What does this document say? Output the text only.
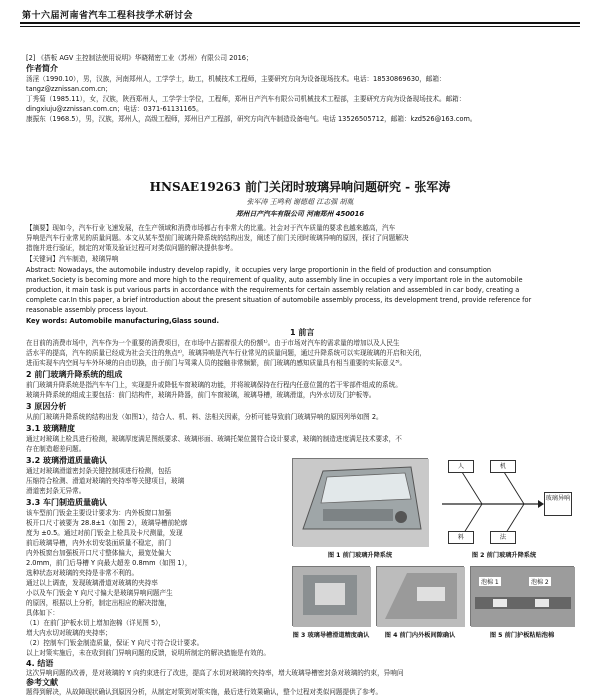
第十六届河南省汽车工程科技学术研讨会
[2] 《搭板 AGV 主控制法使用说明》华晓精密工业（苏州）有限公司 2016；
作者简介
汤淫（1990.10），男，汉族，河南郑州人，工学学士，助工，机械技术工程师，主要研究方向为设备现场技术。电话：18530869630，邮箱：
tangz@zznissan.com.cn；
丁秀菊（1985.11），女，汉族，陕西郑州人，工学学士学位，工程师，郑州日产汽车有限公司机械技术工程部，主要研究方向为设备现场技术。邮箱：
dingxiuju@zznissan.com.cn；电话：0371-61131165。
康振东（1968.5），男，汉族，郑州人，高级工程师，郑州日产工程部，研究方向汽车制造设备电气。电话 13526505712，邮箱：kzd526@163.com。
HNSAE19263 前门关闭时玻璃异响问题研究 - 张军涛
张军涛 王鸣利 谢德超 江志强 胡胤
郑州日产汽车有限公司 河南郑州 450016
【摘要】现如今，汽车行业飞速发展，在生产领域和消费市场都占有非常大的比重。社会对于汽车质量的要求也越来越高，汽车
异响是汽车行业常见的质量问题。本文从某车型前门玻璃升降系统的结构出发，阐述了前门关闭时玻璃异响的原因，探讨了问题解决
措施并进行验证，制定的对策及验证过程可对类似问题的解决提供参考。
【关键词】汽车制造，玻璃异响
Abstract: Nowadays, the automobile industry develop rapidly，it occupies very large proportionin in the field of production and consumption
market.Society is becoming more and more high to the requirement of quality, auto assembly line in occupies a very important role in the automobile
production, it main task is put various parts in accordance with the requirements for certain assembly relation and assembled in car body, creating a
complete car.In this paper, a brief introduction about the present situation of automobile assembly process, its development trend, provide reference for
reasonable assembly process layout.
Key words: Automobile manufacturing,Glass sound.
1 前言
在目前的消费市场中，汽车作为一个重要的消费项目，在市场中占据着很大的份额¹⁾。由于市场对汽车的需求量的增加以及人民生
活水平的提高，汽车的质量已经成为社会关注的焦点²⁾，玻璃异响是汽车行业常见的质量问题，通过升降系统可以实现玻璃的开启和关闭，
进而实现车内空间与车外环境的自由切换，由于前门与驾乘人员的接触非常频繁，前门玻璃的感知质量具有相当重要的实际意义³⁾。
2 前门玻璃升降系统的组成
前门玻璃升降系统是指汽车车门上，实现提升或降低车窗玻璃的功能，并将玻璃保持在行程内任意位置的若干零部件组成的系统。
玻璃升降系统的组成主要包括：前门结构件，玻璃升降器，前门车窗玻璃，玻璃导槽，玻璃滑道，内外水切及门护板等。
3 原因分析
从前门玻璃升降系统的结构出发（如图1），结合人、机、料、法相关因素，分析可能导致前门玻璃异响的原因列举如图 2。
3.1 玻璃精度
通过对玻璃上检具进行检测，玻璃厚度满足图纸要求、玻璃形面、玻璃托架位置符合设计要求，玻璃的制造进度满足技术要求，不
存在制造超差问题。
3.2 玻璃滑道质量确认
通过对玻璃滑道密封条关键控制项进行检测，包括
压缩符合检测、滑道对玻璃的夹持率等关键项目，玻璃
滑道密封条无异常。
3.3 车门制造质量确认
该车型前门钣金主要设计要求为：内外板窗口加强
板开口尺寸被要为 28.8±1（如图 2），玻璃导槽前轮廓
度为 ±0.5。通过对前门钣金上检具及卡尺测量，发现
前后玻璃导槽，内外水切安装面质量不稳定，前门
内外板窗台加强板开口尺寸整体偏大，最宽处偏大
2.0mm，前门后导槽 Y 向最大超差 0.8mm（如图 1），
选种状态对玻璃的夹持是非常不利的。
通过以上调查，发现玻璃滑道对玻璃的夹持率
小以及车门钣金 Y 向尺寸偏大是玻璃异响问题产生
的原因，根据以上分析，制定出相应的解决措施，
具体如下：
（1）在前门护板水切上增加泡棉（详见图 5），
增大内水切对玻璃的夹持率；
（2）控制车门钣金制造质量，保证 Y 向尺寸符合设计要求。
以上对策实施后，未在收到前门异响问题的反馈，说明所制定的解决措施是有效的。
4. 结语
这次异响问题的改善，是对玻璃的 Y 向约束进行了改进，提高了水切对玻璃的夹持率，增大玻璃导槽密封条对玻璃的约束，异响问
图 1 前门玻璃升降系统
人	机
料	法
玻璃异响
图 2 前门玻璃升降系统
图 3 玻璃导槽滑道精度确认	图 4 前门内外板间隙确认
泡棉 1	泡棉 2
图 5 前门护板粘贴泡棉
参考文献
题得到解决，从故障现状确认到原因分析，从制定对策到对策实施，最后进行效果确认，整个过程对类似问题提供了参考。
